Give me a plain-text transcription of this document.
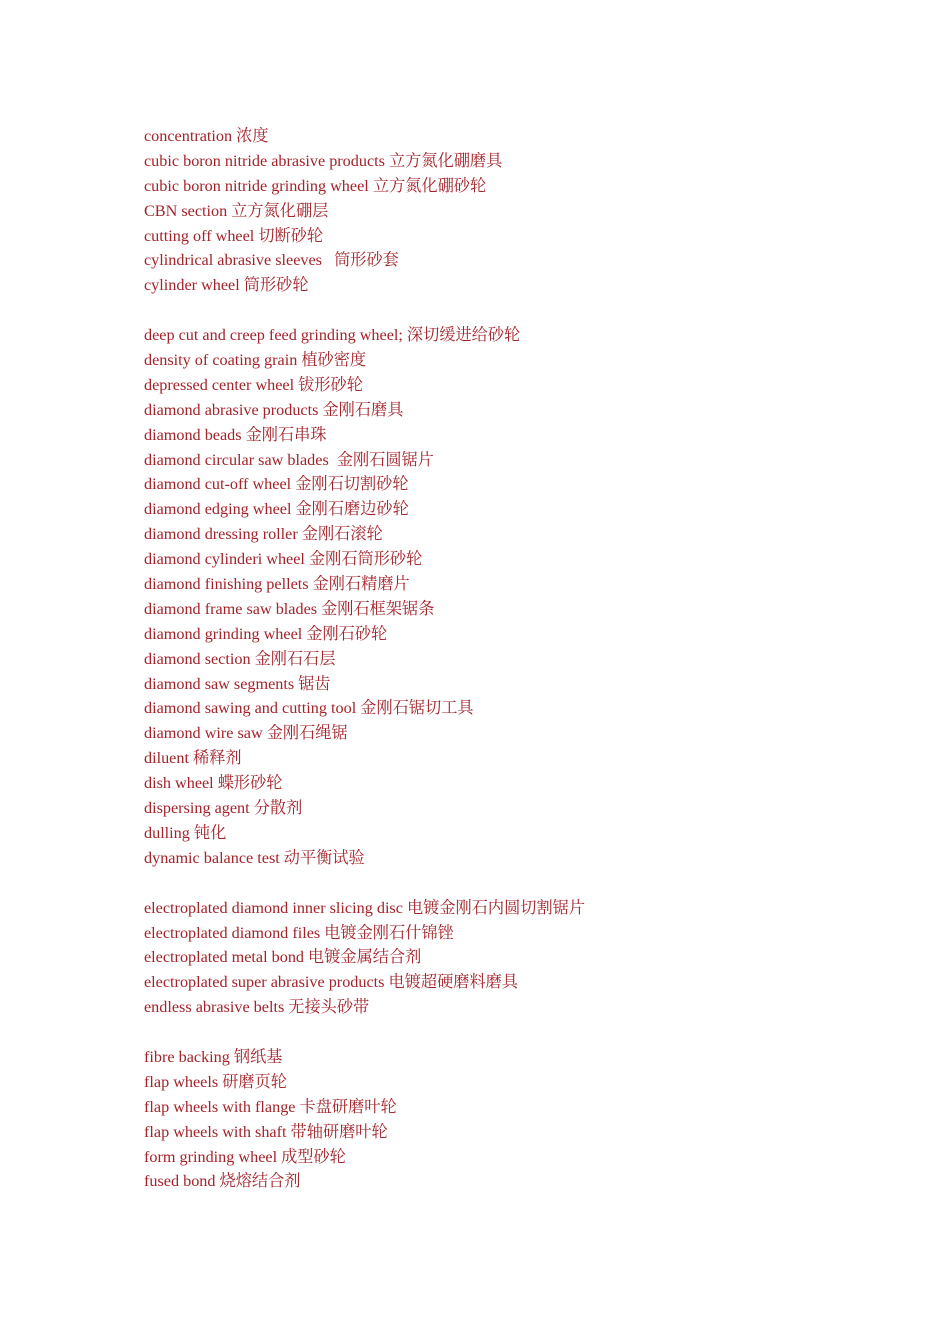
concentration 浓度
cubic boron nitride abrasive products 立方氮化硼磨具
cubic boron nitride grinding wheel 立方氮化硼砂轮
CBN section 立方氮化硼层
cutting off wheel 切断砂轮
cylindrical abrasive sleeves   筒形砂套
cylinder wheel 筒形砂轮
deep cut and creep feed grinding wheel; 深切缓进给砂轮
density of coating grain 植砂密度
depressed center wheel 钹形砂轮
diamond abrasive products 金刚石磨具
diamond beads 金刚石串珠
diamond circular saw blades  金刚石圆锯片
diamond cut-off wheel 金刚石切割砂轮
diamond edging wheel 金刚石磨边砂轮
diamond dressing roller 金刚石滚轮
diamond cylinderi wheel 金刚石筒形砂轮
diamond finishing pellets 金刚石精磨片
diamond frame saw blades 金刚石框架锯条
diamond grinding wheel 金刚石砂轮
diamond section 金刚石石层
diamond saw segments 锯齿
diamond sawing and cutting tool 金刚石锯切工具
diamond wire saw 金刚石绳锯
diluent 稀释剂
dish wheel 蝶形砂轮
dispersing agent 分散剂
dulling 钝化
dynamic balance test 动平衡试验
electroplated diamond inner slicing disc 电镀金刚石内圆切割锯片
electroplated diamond files 电镀金刚石什锦锉
electroplated metal bond 电镀金属结合剂
electroplated super abrasive products 电镀超硬磨料磨具
endless abrasive belts 无接头砂带
fibre backing 钢纸基
flap wheels 研磨页轮
flap wheels with flange 卡盘研磨叶轮
flap wheels with shaft 带轴研磨叶轮
form grinding wheel 成型砂轮
fused bond 烧熔结合剂
